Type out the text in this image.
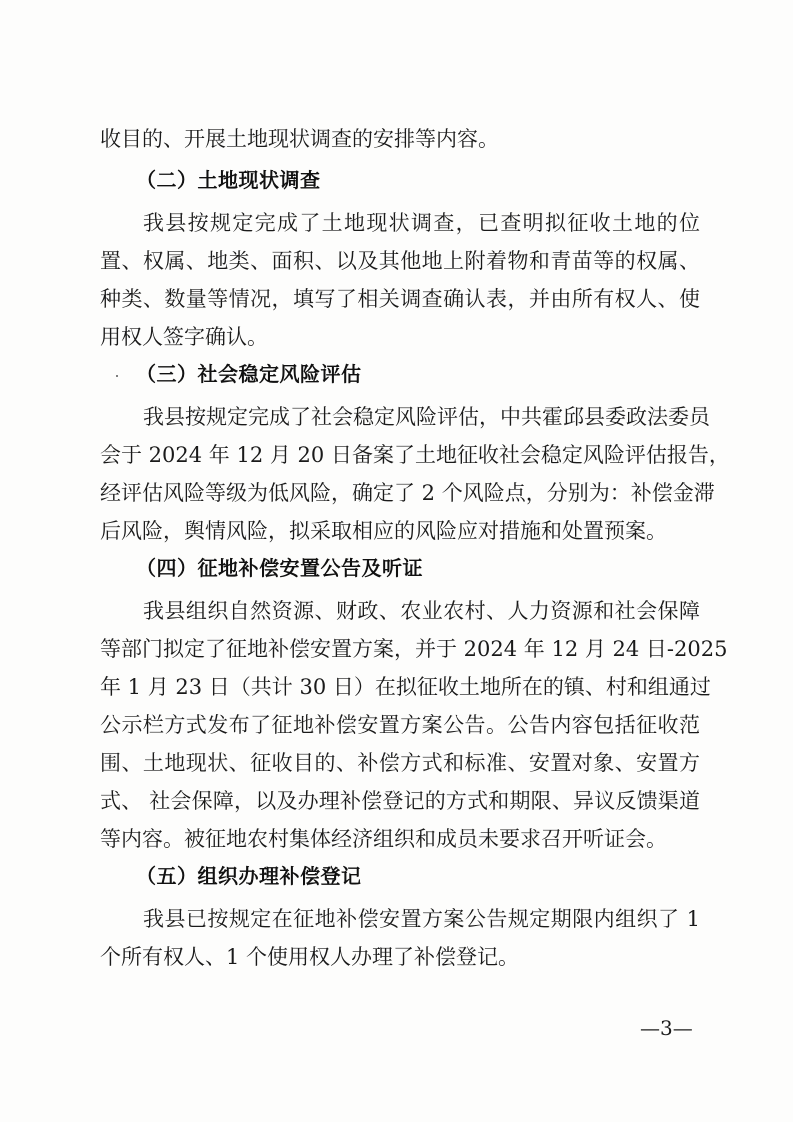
收目的、开展土地现状调查的安排等内容。

（二）土地现状调查

我县按规定完成了土地现状调查，已查明拟征收土地的位

置、权属、地类、面积、以及其他地上附着物和青苗等的权属、

种类、数量等情况，填写了相关调查确认表，并由所有权人、使

用权人签字确认。

（三）社会稳定风险评估

我县按规定完成了社会稳定风险评估，中共霍邱县委政法委员

会于 2024 年 12 月 20 日备案了土地征收社会稳定风险评估报告，

经评估风险等级为低风险，确定了 2 个风险点，分别为：补偿金滞

后风险，舆情风险，拟采取相应的风险应对措施和处置预案。

（四）征地补偿安置公告及听证

我县组织自然资源、财政、农业农村、人力资源和社会保障

等部门拟定了征地补偿安置方案，并于 2024 年 12 月 24 日-2025

年 1 月 23 日（共计 30 日）在拟征收土地所在的镇、村和组通过

公示栏方式发布了征地补偿安置方案公告。公告内容包括征收范

围、土地现状、征收目的、补偿方式和标准、安置对象、安置方

式、 社会保障，以及办理补偿登记的方式和期限、异议反馈渠道

等内容。被征地农村集体经济组织和成员未要求召开听证会。

（五）组织办理补偿登记

我县已按规定在征地补偿安置方案公告规定期限内组织了 1

个所有权人、1 个使用权人办理了补偿登记。

—3—
